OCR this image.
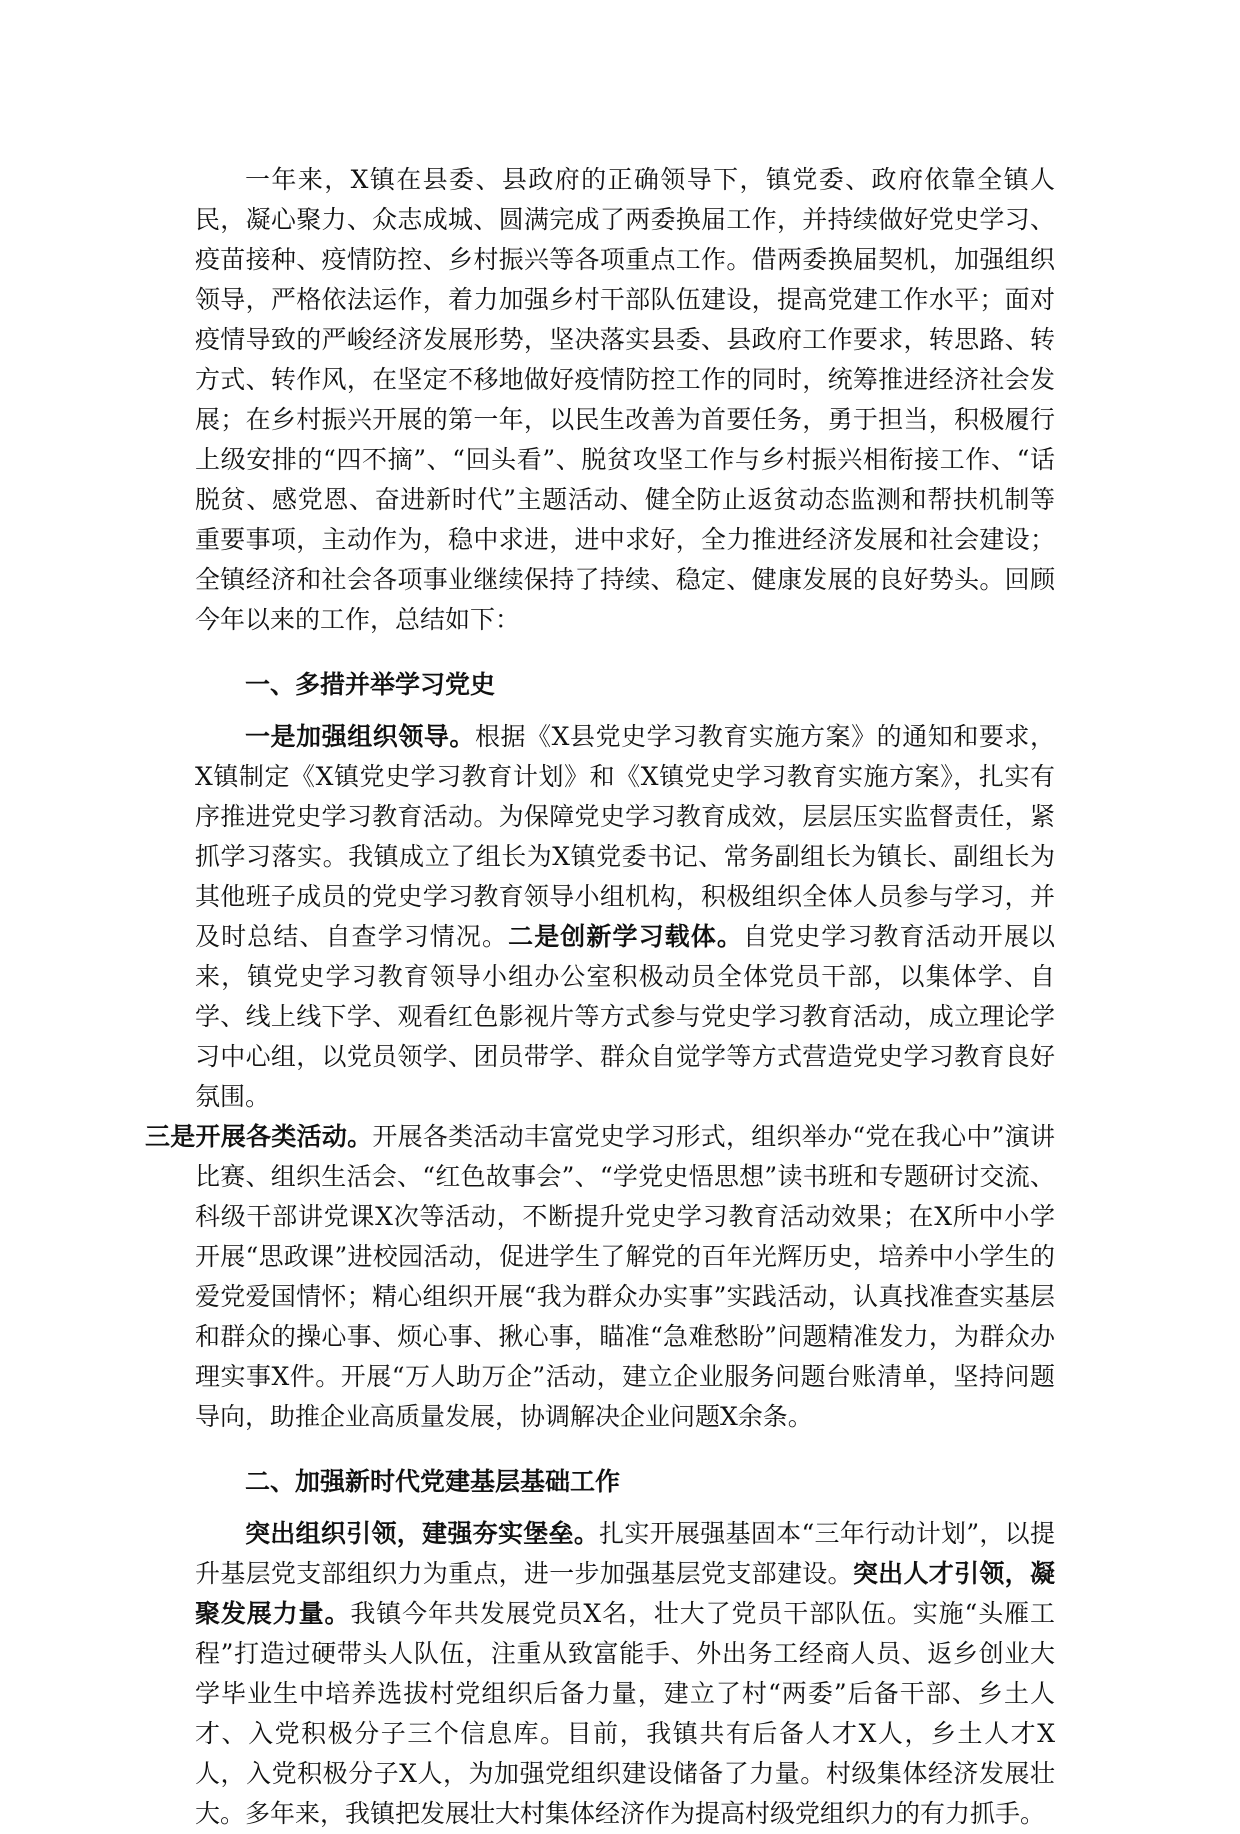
一年来，X镇在县委、县政府的正确领导下，镇党委、政府依靠全镇人民，凝心聚力、众志成城、圆满完成了两委换届工作，并持续做好党史学习、疫苗接种、疫情防控、乡村振兴等各项重点工作。借两委换届契机，加强组织领导，严格依法运作，着力加强乡村干部队伍建设，提高党建工作水平；面对疫情导致的严峻经济发展形势，坚决落实县委、县政府工作要求，转思路、转方式、转作风，在坚定不移地做好疫情防控工作的同时，统筹推进经济社会发展；在乡村振兴开展的第一年，以民生改善为首要任务，勇于担当，积极履行上级安排的“四不摘”、“回头看”、脱贫攻坚工作与乡村振兴相衔接工作、“话脱贫、感党恩、奋进新时代”主题活动、健全防止返贫动态监测和帮扶机制等重要事项，主动作为，稳中求进，进中求好，全力推进经济发展和社会建设；全镇经济和社会各项事业继续保持了持续、稳定、健康发展的良好势头。回顾今年以来的工作，总结如下：

一、多措并举学习党史

一是加强组织领导。根据《X县党史学习教育实施方案》的通知和要求，X镇制定《X镇党史学习教育计划》和《X镇党史学习教育实施方案》，扎实有序推进党史学习教育活动。为保障党史学习教育成效，层层压实监督责任，紧抓学习落实。我镇成立了组长为X镇党委书记、常务副组长为镇长、副组长为其他班子成员的党史学习教育领导小组机构，积极组织全体人员参与学习，并及时总结、自查学习情况。二是创新学习载体。自党史学习教育活动开展以来，镇党史学习教育领导小组办公室积极动员全体党员干部，以集体学、自学、线上线下学、观看红色影视片等方式参与党史学习教育活动，成立理论学习中心组，以党员领学、团员带学、群众自觉学等方式营造党史学习教育良好氛围。
三是开展各类活动。开展各类活动丰富党史学习形式，组织举办“党在我心中”演讲比赛、组织生活会、“红色故事会”、“学党史悟思想”读书班和专题研讨交流、科级干部讲党课X次等活动，不断提升党史学习教育活动效果；在X所中小学开展“思政课”进校园活动，促进学生了解党的百年光辉历史，培养中小学生的爱党爱国情怀；精心组织开展“我为群众办实事”实践活动，认真找准查实基层和群众的操心事、烦心事、揪心事，瞄准“急难愁盼”问题精准发力，为群众办理实事X件。开展“万人助万企”活动，建立企业服务问题台账清单，坚持问题导向，助推企业高质量发展，协调解决企业问题X余条。

二、加强新时代党建基层基础工作

突出组织引领，建强夯实堡垒。扎实开展强基固本“三年行动计划”，以提升基层党支部组织力为重点，进一步加强基层党支部建设。突出人才引领，凝聚发展力量。我镇今年共发展党员X名，壮大了党员干部队伍。实施“头雁工程”打造过硬带头人队伍，注重从致富能手、外出务工经商人员、返乡创业大学毕业生中培养选拔村党组织后备力量，建立了村“两委”后备干部、乡土人才、入党积极分子三个信息库。目前，我镇共有后备人才X人，乡土人才X人，入党积极分子X人，为加强党组织建设储备了力量。村级集体经济发展壮大。多年来，我镇把发展壮大村集体经济作为提高村级党组织力的有力抓手。
